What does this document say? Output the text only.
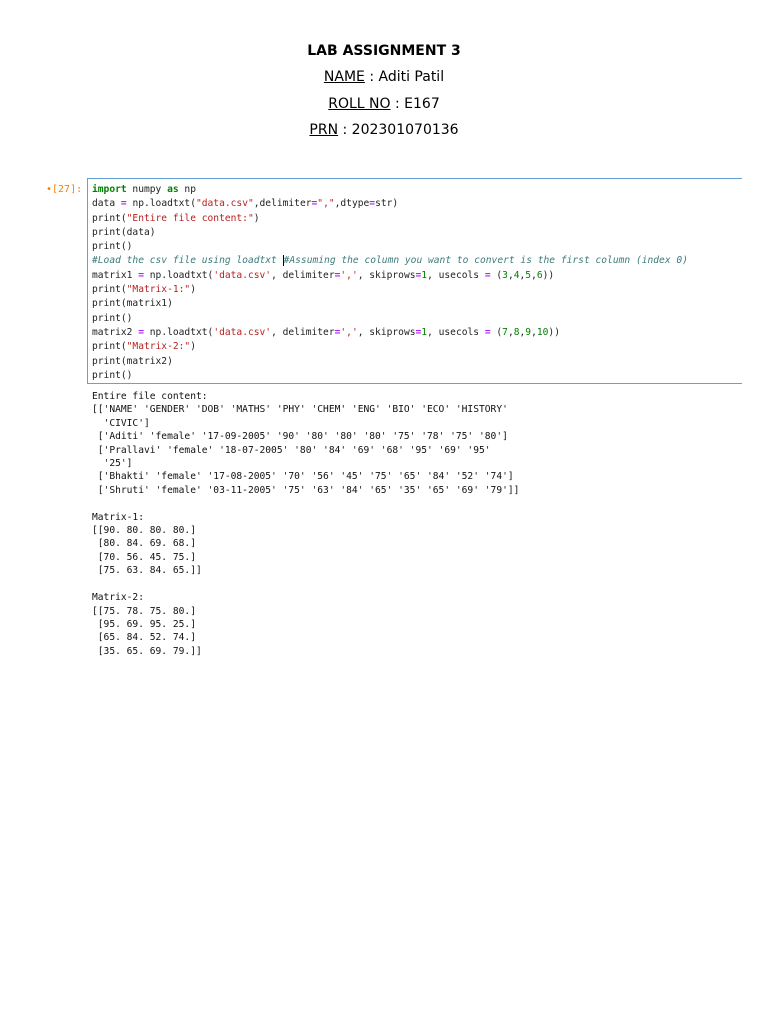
LAB ASSIGNMENT 3
NAME : Aditi Patil
ROLL NO : E167
PRN : 202301070136
•[27]: import numpy as np
data = np.loadtxt("data.csv",delimiter=",",dtype=str)
print("Entire file content:")
print(data)
print()
#Load the csv file using loadtxt #Assuming the column you want to convert is the first column (index 0)
matrix1 = np.loadtxt('data.csv', delimiter=',', skiprows=1, usecols = (3,4,5,6))
print("Matrix-1:")
print(matrix1)
print()
matrix2 = np.loadtxt('data.csv', delimiter=',', skiprows=1, usecols = (7,8,9,10))
print("Matrix-2:")
print(matrix2)
print()
Entire file content:
[['NAME' 'GENDER' 'DOB' 'MATHS' 'PHY' 'CHEM' 'ENG' 'BIO' 'ECO' 'HISTORY'
'CIVIC']
['Aditi' 'female' '17-09-2005' '90' '80' '80' '80' '75' '78' '75' '80']
['Prallavi' 'female' '18-07-2005' '80' '84' '69' '68' '95' '69' '95'
'25']
['Bhakti' 'female' '17-08-2005' '70' '56' '45' '75' '65' '84' '52' '74']
['Shruti' 'female' '03-11-2005' '75' '63' '84' '65' '35' '65' '69' '79']]

Matrix-1:
[[90. 80. 80. 80.]
[80. 84. 69. 68.]
[70. 56. 45. 75.]
[75. 63. 84. 65.]]

Matrix-2:
[[75. 78. 75. 80.]
[95. 69. 95. 25.]
[65. 84. 52. 74.]
[35. 65. 69. 79.]]
